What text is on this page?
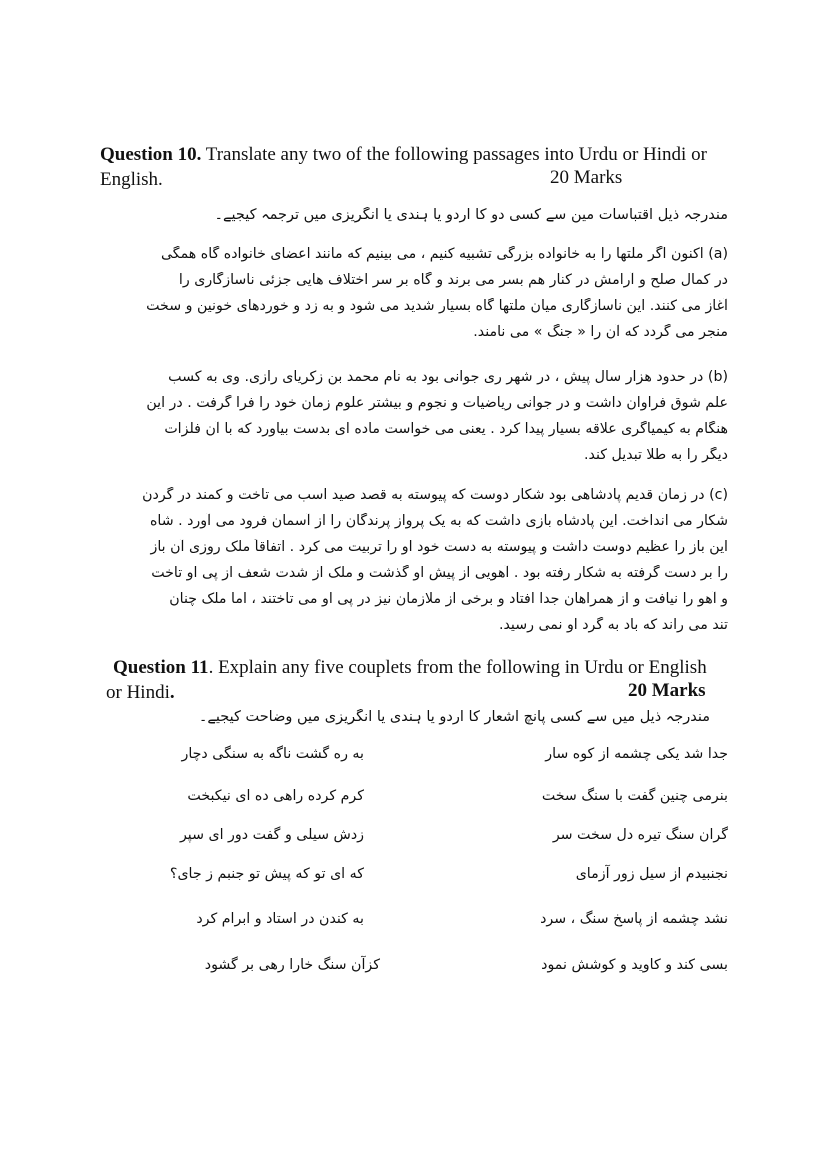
Question 10. Translate any two of the following passages into Urdu or Hindi or
English.	20 Marks
مندرجہ ذیل اقتباسات مین سے کسی دو کا اردو یا ہندی یا انگریزی میں ترجمہ کیجیے۔
(a) اکنون اگر ملتها را به خانواده بزرگی تشبیه کنیم ، می بینیم که مانند اعضای خانواده گاه همگی
در کمال صلح و آرامش در کنار هم بسر می برند و گاه بر سر اختلاف هایی جزئی ناسازگاری را
آغاز می کنند. این ناسازگاری میان ملتها گاه بسیار شدید می شود و به زد و خوردهای خونین و سخت
منجر می گردد که آن را « جنگ » می نامند.
(b) در حدود هزار سال پیش ، در شهر ری جوانی بود به نام محمد بن زکریای رازی. وی به کسب
علم شوق فراوان داشت و در جوانی ریاضیات و نجوم و بیشتر علوم زمان خود را فرا گرفت . در این
هنگام به کیمیاگری علاقه بسیار پیدا کرد . یعنی می خواست ماده ای بدست بیاورد که با آن فلزات
دیگر را به طلا تبدیل کند.
(c) در زمان قدیم پادشاهی بود شکار دوست که پیوسته به قصد صید اسب می تاخت و کمند در گردن
شکار می انداخت. این پادشاه بازی داشت که به یک پرواز پرندگان را از آسمان فرود می آورد . شاه
این باز را عظیم دوست داشت و پیوسته به دست خود او را تربیت می کرد . اتفاقاً ملک روزی آن باز
را بر دست گرفته به شکار رفته بود . آهویی از پیش او گذشت و ملک از شدت شعف از پی او تاخت
و آهو را نیافت و از همراهان جدا افتاد و برخی از ملازمان نیز در پی او می تاختند ، اما ملک چنان
تند می راند که باد به گرد او نمی رسید.
Question 11. Explain any five couplets from the following in Urdu or English
or Hindi.	20 Marks
مندرجہ ذیل میں سے کسی پانچ اشعار کا اردو یا ہندی یا انگریزی میں وضاحت کیجیے۔
جدا شد یکی چشمه از کوه سار
به ره گشت ناگه به سنگی دچار
بنرمی چنین گفت با سنگ سخت
کرم کرده راهی ده ای نیکبخت
گران سنگ تیره دل سخت سر
زدش سیلی و گفت دور ای سپر
نجنبیدم از سیل زور آزمای
که ای تو که پیش تو جنبم ز جای؟
نشد چشمه از پاسخ سنگ ، سرد
به کندن در استاد و ابرام کرد
بسی کند و کاوید و کوشش نمود
کزآن سنگ خارا رهی بر گشود
